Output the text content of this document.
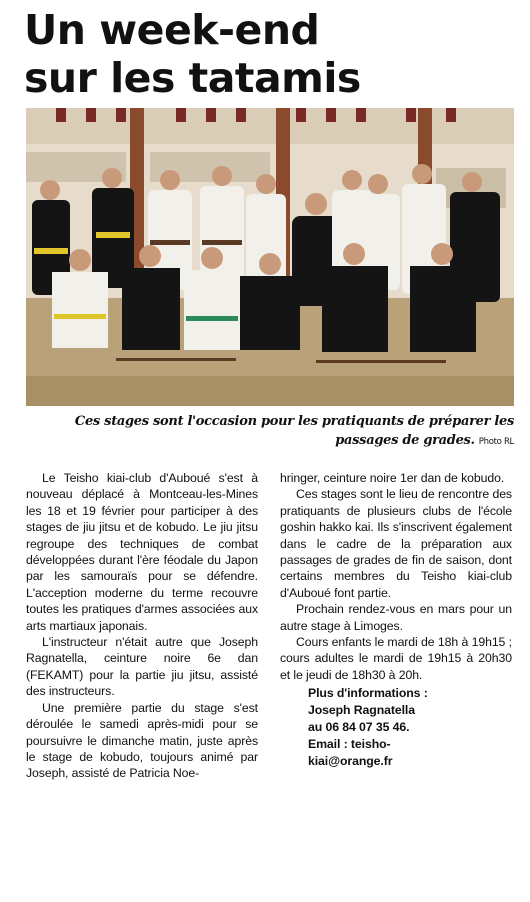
Un week-end
sur les tatamis
Ces stages sont l'occasion pour les pratiquants de préparer les passages de grades. Photo RL

Le Teisho kiai-club d'Auboué s'est à nouveau déplacé à Montceau-les-Mines les 18 et 19 février pour participer à des stages de jiu jitsu et de kobudo. Le jiu jitsu regroupe des techniques de combat développées durant l'ère féodale du Japon par les samouraïs pour se défendre. L'acception moderne du terme recouvre toutes les pratiques d'armes associées aux arts martiaux japonais.

L'instructeur n'était autre que Joseph Ragnatella, ceinture noire 6e dan (FEKAMT) pour la partie jiu jitsu, assisté des instructeurs.

Une première partie du stage s'est déroulée le samedi après-midi pour se poursuivre le dimanche matin, juste après le stage de kobudo, toujours animé par Joseph, assisté de Patricia Noe-

hringer, ceinture noire 1er dan de kobudo.

Ces stages sont le lieu de rencontre des pratiquants de plusieurs clubs de l'école goshin hakko kai. Ils s'inscrivent également dans le cadre de la préparation aux passages de grades de fin de saison, dont certains membres du Teisho kiai-club d'Auboué font partie.

Prochain rendez-vous en mars pour un autre stage à Limoges.

Cours enfants le mardi de 18h à 19h15 ; cours adultes le mardi de 19h15 à 20h30 et le jeudi de 18h30 à 20h.

Plus d'informations :
Joseph Ragnatella
au 06 84 07 35 46.
Email : teisho-
kiai@orange.fr
